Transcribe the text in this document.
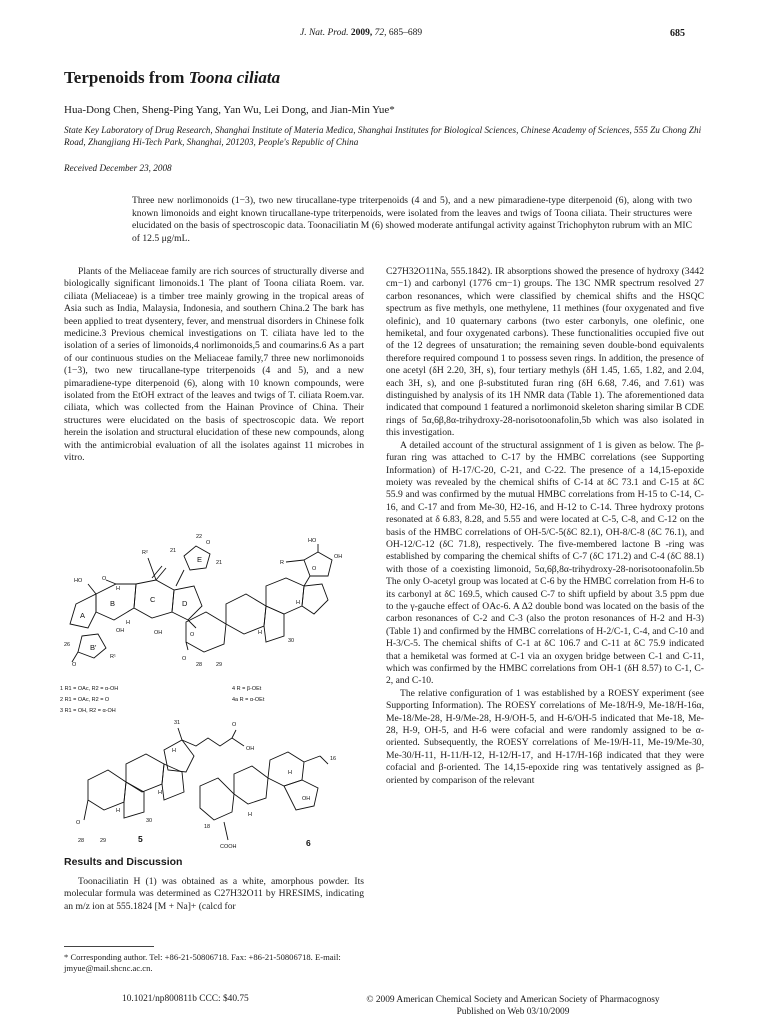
J. Nat. Prod. 2009, 72, 685–689	685
Terpenoids from Toona ciliata
Hua-Dong Chen, Sheng-Ping Yang, Yan Wu, Lei Dong, and Jian-Min Yue*
State Key Laboratory of Drug Research, Shanghai Institute of Materia Medica, Shanghai Institutes for Biological Sciences, Chinese Academy of Sciences, 555 Zu Chong Zhi Road, Zhangjiang Hi-Tech Park, Shanghai, 201203, People's Republic of China
Received December 23, 2008
Three new norlimonoids (1−3), two new tirucallane-type triterpenoids (4 and 5), and a new pimaradiene-type diterpenoid (6), along with two known limonoids and eight known tirucallane-type triterpenoids, were isolated from the leaves and twigs of Toona ciliata. Their structures were elucidated on the basis of spectroscopic data. Toonaciliatin M (6) showed moderate antifungal activity against Trichophyton rubrum with an MIC of 12.5 μg/mL.

Plants of the Meliaceae family are rich sources of structurally diverse and biologically significant limonoids.1 The plant of Toona ciliata Roem. var. ciliata (Meliaceae) is a timber tree mainly growing in the tropical areas of Asia such as India, Malaysia, Indonesia, and southern China.2 The bark has been applied to treat dysentery, fever, and menstrual disorders in Chinese folk medicine.3 Previous chemical investigations on T. ciliata have led to the isolation of a series of limonoids,4 norlimonoids,5 and coumarins.6 As a part of our continuous studies on the Meliaceae family,7 three new norlimonoids (1−3), two new tirucallane-type triterpenoids (4 and 5), and a new pimaradiene-type diterpenoid (6), along with 10 known compounds, were isolated from the EtOH extract of the leaves and twigs of T. ciliata Roem.var. ciliata, which was collected from the Hainan Province of China. Their structures were elucidated on the basis of spectroscopic data. We report herein the isolation and structural elucidation of these new compounds, along with the antimicrobial evaluation of all the isolates against 11 microbes in vitro.

E
O
R²
C	D
O
B
A
HO	O
B'
O
R¹
OH	OH
H
H
26
21
22
21
1 R1 = OAc, R2 = α-OH
2 R1 = OAc, R2 = O
3 R1 = OH, R2 = α-OH
O
HO
OH
R
O
28	29
30
H
H
4 R = β-OEt
4a R = α-OEt
31	O
OH
O
28	29
30
H
H
H
5
16
OH
H
COOH
18
H
6
Results and Discussion

Toonaciliatin H (1) was obtained as a white, amorphous powder. Its molecular formula was determined as C27H32O11 by HRESIMS, indicating an m/z ion at 555.1824 [M + Na]+ (calcd for

* Corresponding author. Tel: +86-21-50806718. Fax: +86-21-50806718. E-mail: jmyue@mail.shcnc.ac.cn.

C27H32O11Na, 555.1842). IR absorptions showed the presence of hydroxy (3442 cm−1) and carbonyl (1776 cm−1) groups. The 13C NMR spectrum resolved 27 carbon resonances, which were classified by chemical shifts and the HSQC spectrum as five methyls, one methylene, 11 methines (four oxygenated and five olefinic), and 10 quaternary carbons (two ester carbonyls, one olefinic, one hemiketal, and four oxygenated carbons). These functionalities occupied five out of the 12 degrees of unsaturation; the remaining seven double-bond equivalents therefore required compound 1 to possess seven rings. In addition, the presence of one acetyl (δH 2.20, 3H, s), four tertiary methyls (δH 1.45, 1.65, 1.82, and 2.04, each 3H, s), and one β-substituted furan ring (δH 6.68, 7.46, and 7.61) was distinguished by analysis of its 1H NMR data (Table 1). The aforementioned data indicated that compound 1 featured a norlimonoid skeleton sharing similar B CDE rings of 5α,6β,8α-trihydroxy-28-norisotoonafolin,5b which was also isolated in this investigation.

A detailed account of the structural assignment of 1 is given as below. The β-furan ring was attached to C-17 by the HMBC correlations (see Supporting Information) of H-17/C-20, C-21, and C-22. The presence of a 14,15-epoxide moiety was revealed by the chemical shifts of C-14 at δC 73.1 and C-15 at δC 55.9 and was confirmed by the mutual HMBC correlations from H-15 to C-14, C-16, and C-17 and from Me-30, H2-16, and H-12 to C-14. Three hydroxy protons resonated at δ 6.83, 8.28, and 5.55 and were located at C-5, C-8, and C-12 on the basis of the HMBC correlations of OH-5/C-5(δC 82.1), OH-8/C-8 (δC 76.1), and OH-12/C-12 (δC 71.8), respectively. The five-membered lactone B -ring was established by comparing the chemical shifts of C-7 (δC 171.2) and C-4 (δC 88.1) with those of a coexisting limonoid, 5α,6β,8α-trihydroxy-28-norisotoonafolin.5b The only O-acetyl group was located at C-6 by the HMBC correlation from H-6 to its carbonyl at δC 169.5, which caused C-7 to shift upfield by about 3.5 ppm due to the γ-gauche effect of OAc-6. A Δ2 double bond was located on the basis of the carbon resonances of C-2 and C-3 (also the proton resonances of H-2 and H-3) (Table 1) and confirmed by the HMBC correlations of H-2/C-1, C-4, and C-10 and H-3/C-5. The chemical shifts of C-1 at δC 106.7 and C-11 at δC 75.9 indicated that a hemiketal was formed at C-1 via an oxygen bridge between C-1 and C-11, which was confirmed by the HMBC correlations from OH-1 (δH 8.57) to C-1, C-2, and C-10.

The relative configuration of 1 was established by a ROESY experiment (see Supporting Information). The ROESY correlations of Me-18/H-9, Me-18/H-16α, Me-18/Me-28, H-9/Me-28, H-9/OH-5, and H-6/OH-5 indicated that Me-18, Me-28, H-9, OH-5, and H-6 were cofacial and were randomly assigned to be α-oriented. Subsequently, the ROESY correlations of Me-19/H-11, Me-19/Me-30, Me-30/H-11, H-11/H-12, H-12/H-17, and H-17/H-16β indicated that they were cofacial and β-oriented. The 14,15-epoxide ring was tentatively assigned as β-oriented by comparison of the relevant

10.1021/np800811b CCC: $40.75	© 2009 American Chemical Society and American Society of Pharmacognosy
Published on Web 03/10/2009
